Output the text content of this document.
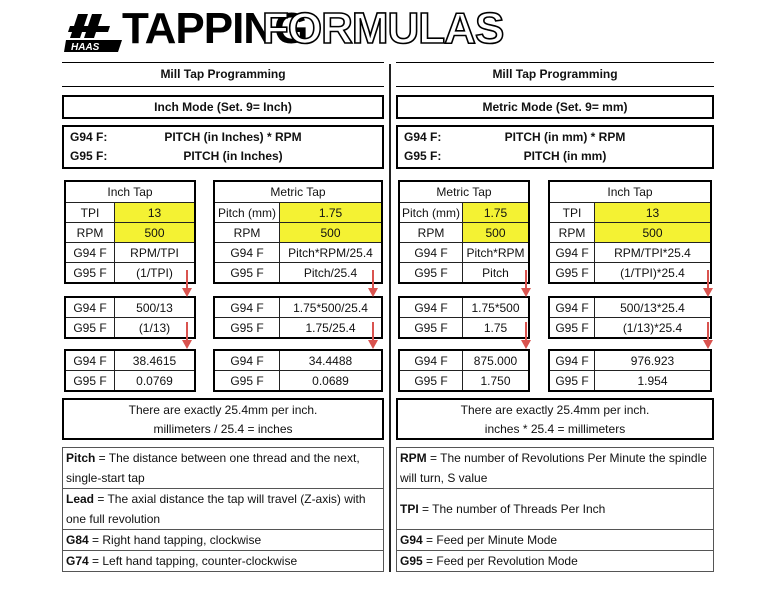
HAAS TAPPING
FORMULAS
Mill Tap Programming
Inch Mode (Set. 9= Inch)
G94 F:	PITCH (in Inches) * RPM
G95 F:	PITCH (in Inches)
Inch Tap	
TPI	13
RPM	500
G94 F	RPM/TPI
G95 F	(1/TPI)
G94 F	500/13
G95 F	(1/13)
G94 F	38.4615
G95 F	0.0769
Metric Tap	
Pitch (mm)	1.75
RPM	500
G94 F	Pitch*RPM/25.4
G95 F	Pitch/25.4
G94 F	1.75*500/25.4
G95 F	1.75/25.4
G94 F	34.4488
G95 F	0.0689
There are exactly 25.4mm per inch.
millimeters / 25.4 = inches
Pitch = The distance between one thread and the next, single-start tap
Lead = The axial distance the tap will travel (Z-axis) with one full revolution
G84 = Right hand tapping, clockwise
G74 = Left hand tapping, counter-clockwise
Mill Tap Programming
Metric Mode (Set. 9= mm)
G94 F:	PITCH (in mm) * RPM
G95 F:	PITCH (in mm)
Metric Tap	
Pitch (mm)	1.75
RPM	500
G94 F	Pitch*RPM
G95 F	Pitch
G94 F	1.75*500
G95 F	1.75
G94 F	875.000
G95 F	1.750
Inch Tap	
TPI	13
RPM	500
G94 F	RPM/TPI*25.4
G95 F	(1/TPI)*25.4
G94 F	500/13*25.4
G95 F	(1/13)*25.4
G94 F	976.923
G95 F	1.954
There are exactly 25.4mm per inch.
inches * 25.4 = millimeters
RPM = The number of Revolutions Per Minute the spindle will turn, S value
TPI = The number of Threads Per Inch
G94 = Feed per Minute Mode
G95 = Feed per Revolution Mode
